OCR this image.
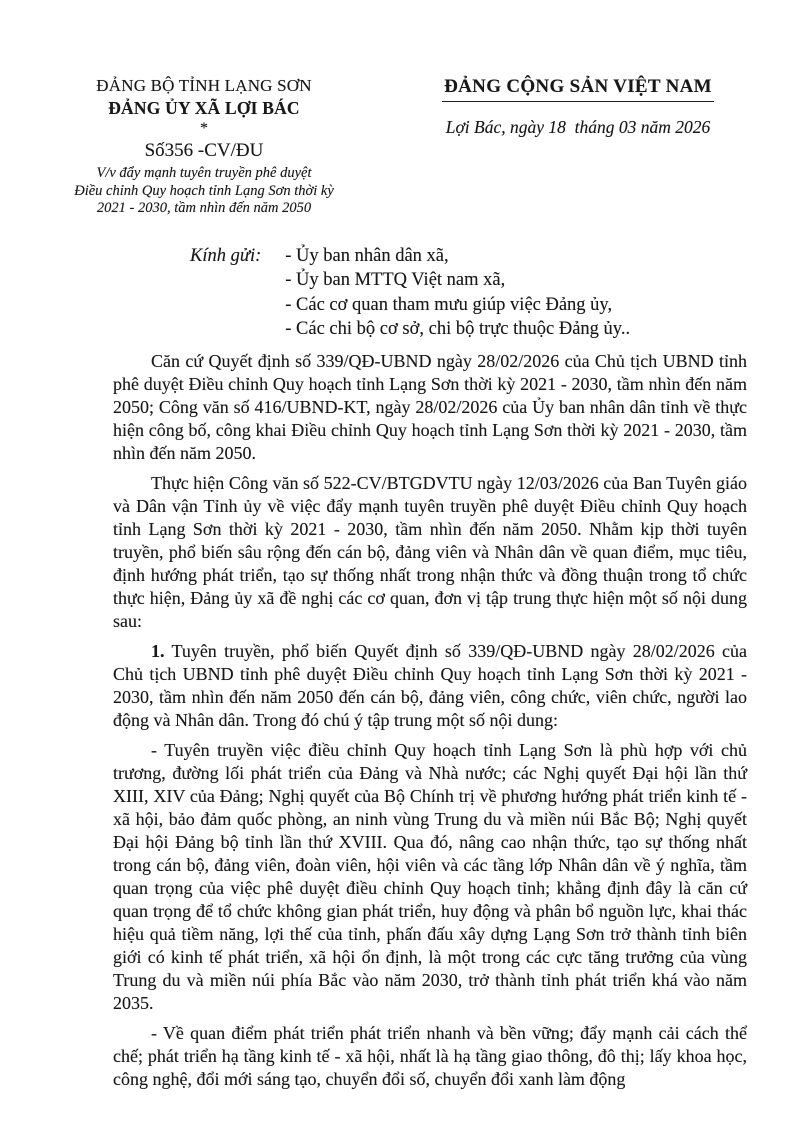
ĐẢNG BỘ TỈNH LẠNG SƠN
ĐẢNG ỦY XÃ LỢI BÁC
*
Số356 -CV/ĐU
V/v đẩy mạnh tuyên truyền phê duyệt
Điều chỉnh Quy hoạch tỉnh Lạng Sơn thời kỳ
2021 - 2030, tầm nhìn đến năm 2050
ĐẢNG CỘNG SẢN VIỆT NAM
Lợi Bác, ngày 18  tháng 03 năm 2026
Kính gửi: - Ủy ban nhân dân xã,
- Ủy ban MTTQ Việt nam xã,
- Các cơ quan tham mưu giúp việc Đảng ủy,
- Các chi bộ cơ sở, chi bộ trực thuộc Đảng ủy..

Căn cứ Quyết định số 339/QĐ-UBND ngày 28/02/2026 của Chủ tịch UBND tỉnh phê duyệt Điều chỉnh Quy hoạch tỉnh Lạng Sơn thời kỳ 2021 - 2030, tầm nhìn đến năm 2050; Công văn số 416/UBND-KT, ngày 28/02/2026 của Ủy ban nhân dân tỉnh về thực hiện công bố, công khai Điều chỉnh Quy hoạch tỉnh Lạng Sơn thời kỳ 2021 - 2030, tầm nhìn đến năm 2050.

Thực hiện Công văn số 522-CV/BTGDVTU ngày 12/03/2026 của Ban Tuyên giáo và Dân vận Tỉnh ủy về việc đẩy mạnh tuyên truyền phê duyệt Điều chỉnh Quy hoạch tỉnh Lạng Sơn thời kỳ 2021 - 2030, tầm nhìn đến năm 2050. Nhằm kịp thời tuyên truyền, phổ biến sâu rộng đến cán bộ, đảng viên và Nhân dân về quan điểm, mục tiêu, định hướng phát triển, tạo sự thống nhất trong nhận thức và đồng thuận trong tổ chức thực hiện, Đảng ủy xã đề nghị các cơ quan, đơn vị tập trung thực hiện một số nội dung sau:

1. Tuyên truyền, phổ biến Quyết định số 339/QĐ-UBND ngày 28/02/2026 của Chủ tịch UBND tỉnh phê duyệt Điều chỉnh Quy hoạch tỉnh Lạng Sơn thời kỳ 2021 - 2030, tầm nhìn đến năm 2050 đến cán bộ, đảng viên, công chức, viên chức, người lao động và Nhân dân. Trong đó chú ý tập trung một số nội dung:

- Tuyên truyền việc điều chỉnh Quy hoạch tỉnh Lạng Sơn là phù hợp với chủ trương, đường lối phát triển của Đảng và Nhà nước; các Nghị quyết Đại hội lần thứ XIII, XIV của Đảng; Nghị quyết của Bộ Chính trị về phương hướng phát triển kinh tế - xã hội, bảo đảm quốc phòng, an ninh vùng Trung du và miền núi Bắc Bộ; Nghị quyết Đại hội Đảng bộ tỉnh lần thứ XVIII. Qua đó, nâng cao nhận thức, tạo sự thống nhất trong cán bộ, đảng viên, đoàn viên, hội viên và các tầng lớp Nhân dân về ý nghĩa, tầm quan trọng của việc phê duyệt điều chỉnh Quy hoạch tỉnh; khẳng định đây là căn cứ quan trọng để tổ chức không gian phát triển, huy động và phân bổ nguồn lực, khai thác hiệu quả tiềm năng, lợi thế của tỉnh, phấn đấu xây dựng Lạng Sơn trở thành tỉnh biên giới có kinh tế phát triển, xã hội ổn định, là một trong các cực tăng trưởng của vùng Trung du và miền núi phía Bắc vào năm 2030, trở thành tỉnh phát triển khá vào năm 2035.

- Về quan điểm phát triển phát triển nhanh và bền vững; đẩy mạnh cải cách thể chế; phát triển hạ tầng kinh tế - xã hội, nhất là hạ tầng giao thông, đô thị; lấy khoa học, công nghệ, đổi mới sáng tạo, chuyển đổi số, chuyển đổi xanh làm động
